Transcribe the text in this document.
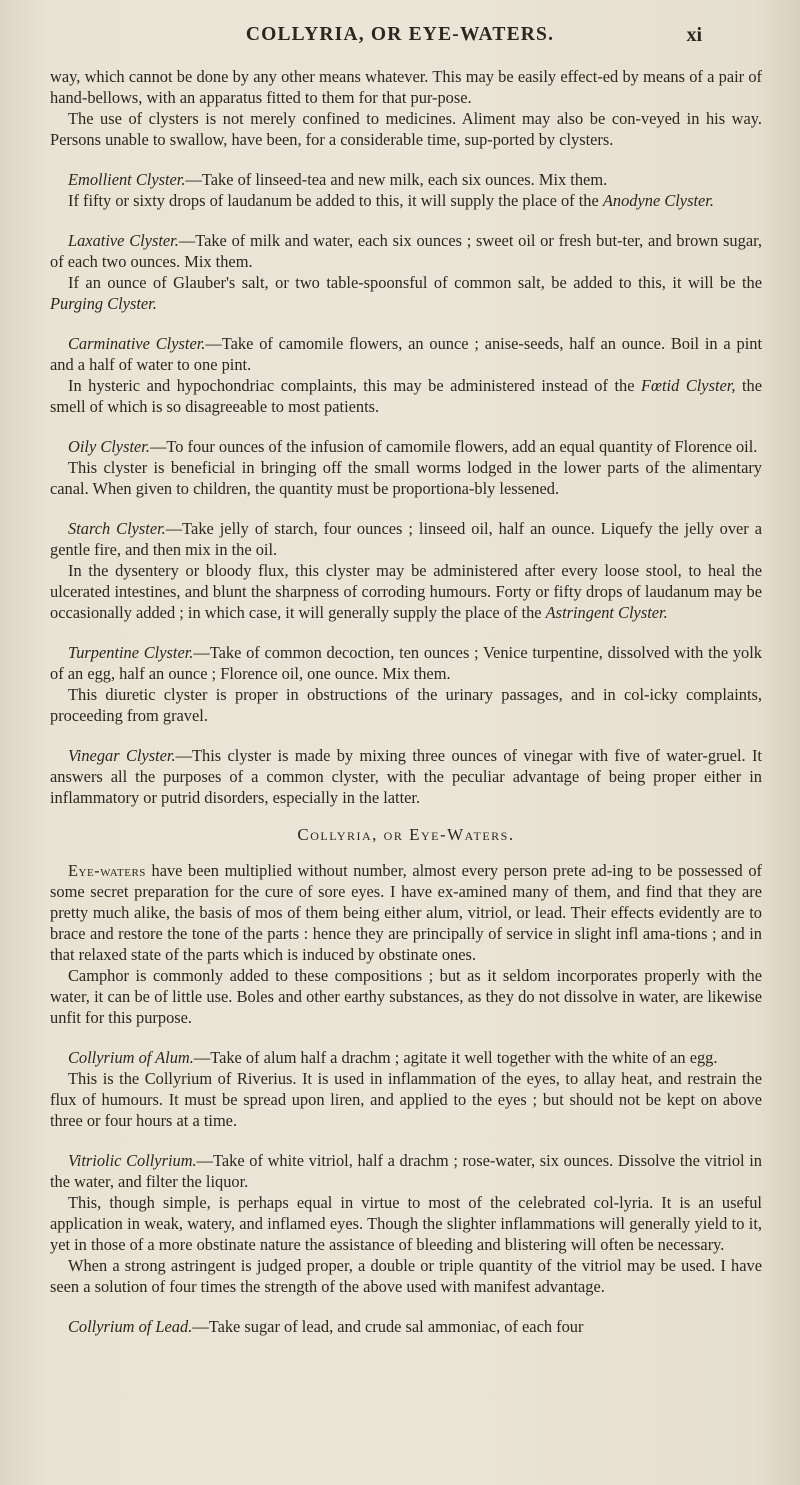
COLLYRIA, OR EYE-WATERS.	xi

way, which cannot be done by any other means whatever. This may be easily effect-ed by means of a pair of hand-bellows, with an apparatus fitted to them for that pur-pose.

The use of clysters is not merely confined to medicines. Aliment may also be con-veyed in his way. Persons unable to swallow, have been, for a considerable time, sup-ported by clysters.

Emollient Clyster.—Take of linseed-tea and new milk, each six ounces. Mix them.

If fifty or sixty drops of laudanum be added to this, it will supply the place of the Anodyne Clyster.

Laxative Clyster.—Take of milk and water, each six ounces ; sweet oil or fresh but-ter, and brown sugar, of each two ounces. Mix them.

If an ounce of Glauber's salt, or two table-spoonsful of common salt, be added to this, it will be the Purging Clyster.

Carminative Clyster.—Take of camomile flowers, an ounce ; anise-seeds, half an ounce. Boil in a pint and a half of water to one pint.

In hysteric and hypochondriac complaints, this may be administered instead of the Fœtid Clyster, the smell of which is so disagreeable to most patients.

Oily Clyster.—To four ounces of the infusion of camomile flowers, add an equal quantity of Florence oil.

This clyster is beneficial in bringing off the small worms lodged in the lower parts of the alimentary canal. When given to children, the quantity must be proportiona-bly lessened.

Starch Clyster.—Take jelly of starch, four ounces ; linseed oil, half an ounce. Liquefy the jelly over a gentle fire, and then mix in the oil.

In the dysentery or bloody flux, this clyster may be administered after every loose stool, to heal the ulcerated intestines, and blunt the sharpness of corroding humours. Forty or fifty drops of laudanum may be occasionally added ; in which case, it will generally supply the place of the Astringent Clyster.

Turpentine Clyster.—Take of common decoction, ten ounces ; Venice turpentine, dissolved with the yolk of an egg, half an ounce ; Florence oil, one ounce. Mix them.

This diuretic clyster is proper in obstructions of the urinary passages, and in col-icky complaints, proceeding from gravel.

Vinegar Clyster.—This clyster is made by mixing three ounces of vinegar with five of water-gruel. It answers all the purposes of a common clyster, with the peculiar advantage of being proper either in inflammatory or putrid disorders, especially in the latter.

Collyria, or Eye-Waters.

Eye-waters have been multiplied without number, almost every person prete ad-ing to be possessed of some secret preparation for the cure of sore eyes. I have ex-amined many of them, and find that they are pretty much alike, the basis of mos of them being either alum, vitriol, or lead. Their effects evidently are to brace and restore the tone of the parts : hence they are principally of service in slight infl ama-tions ; and in that relaxed state of the parts which is induced by obstinate ones.

Camphor is commonly added to these compositions ; but as it seldom incorporates properly with the water, it can be of little use. Boles and other earthy substances, as they do not dissolve in water, are likewise unfit for this purpose.

Collyrium of Alum.—Take of alum half a drachm ; agitate it well together with the white of an egg.

This is the Collyrium of Riverius. It is used in inflammation of the eyes, to allay heat, and restrain the flux of humours. It must be spread upon liren, and applied to the eyes ; but should not be kept on above three or four hours at a time.

Vitriolic Collyrium.—Take of white vitriol, half a drachm ; rose-water, six ounces. Dissolve the vitriol in the water, and filter the liquor.

This, though simple, is perhaps equal in virtue to most of the celebrated col-lyria. It is an useful application in weak, watery, and inflamed eyes. Though the slighter inflammations will generally yield to it, yet in those of a more obstinate nature the assistance of bleeding and blistering will often be necessary.

When a strong astringent is judged proper, a double or triple quantity of the vitriol may be used. I have seen a solution of four times the strength of the above used with manifest advantage.

Collyrium of Lead.—Take sugar of lead, and crude sal ammoniac, of each four
